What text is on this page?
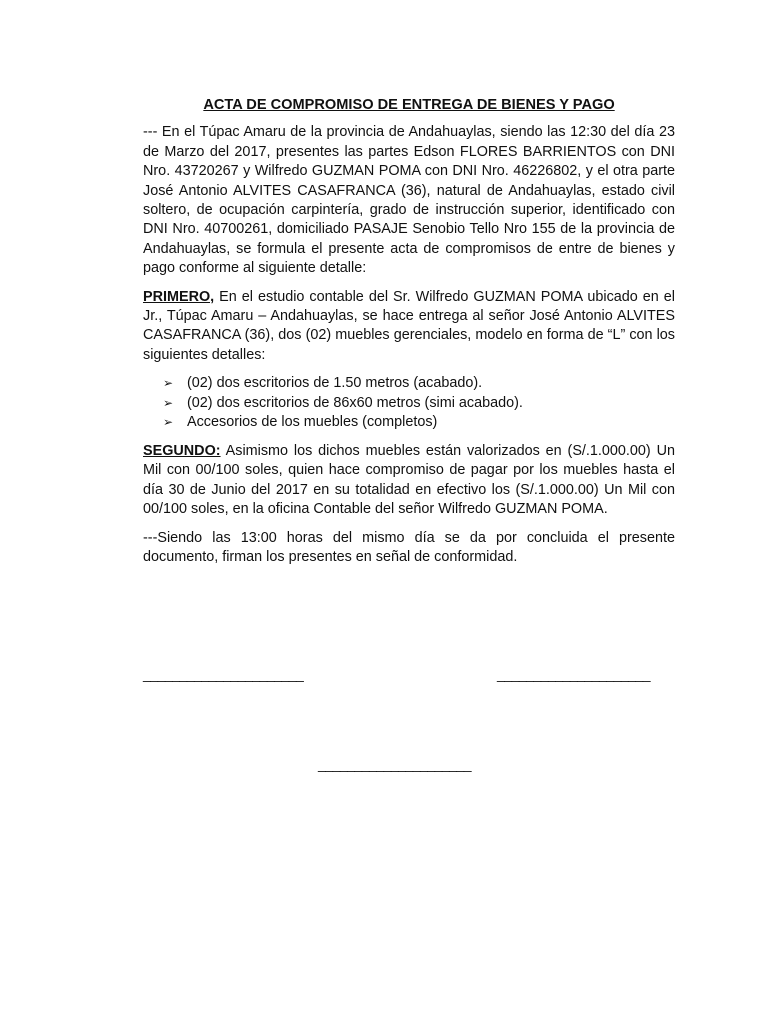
ACTA DE COMPROMISO DE ENTREGA DE BIENES Y PAGO

--- En el Túpac Amaru de la provincia de Andahuaylas, siendo las 12:30 del día 23 de Marzo del 2017, presentes las partes Edson FLORES BARRIENTOS con DNI Nro. 43720267 y Wilfredo GUZMAN POMA con DNI Nro. 46226802, y el otra parte José Antonio ALVITES CASAFRANCA (36), natural de Andahuaylas, estado civil soltero, de ocupación carpintería, grado de instrucción superior, identificado con DNI Nro. 40700261, domiciliado PASAJE Senobio Tello Nro 155 de la provincia de Andahuaylas, se formula el presente acta de compromisos de entre de bienes y pago conforme al siguiente detalle:

PRIMERO, En el estudio contable del Sr. Wilfredo GUZMAN POMA ubicado en el Jr., Túpac Amaru – Andahuaylas, se hace entrega al señor José Antonio ALVITES CASAFRANCA (36), dos (02) muebles gerenciales, modelo en forma de “L” con los siguientes detalles:

➢ (02) dos escritorios de 1.50 metros (acabado).
➢ (02) dos escritorios de 86x60 metros (simi acabado).
➢ Accesorios de los muebles (completos)

SEGUNDO: Asimismo los dichos muebles están valorizados en (S/.1.000.00) Un Mil con 00/100 soles, quien hace compromiso de pagar por los muebles hasta el día 30 de Junio del 2017 en su totalidad en efectivo los (S/.1.000.00) Un Mil con 00/100 soles, en la oficina Contable del señor Wilfredo GUZMAN POMA.

---Siendo las 13:00 horas del mismo día se da por concluida el presente documento, firman los presentes en señal de conformidad.

______________________	_____________________
_____________________
